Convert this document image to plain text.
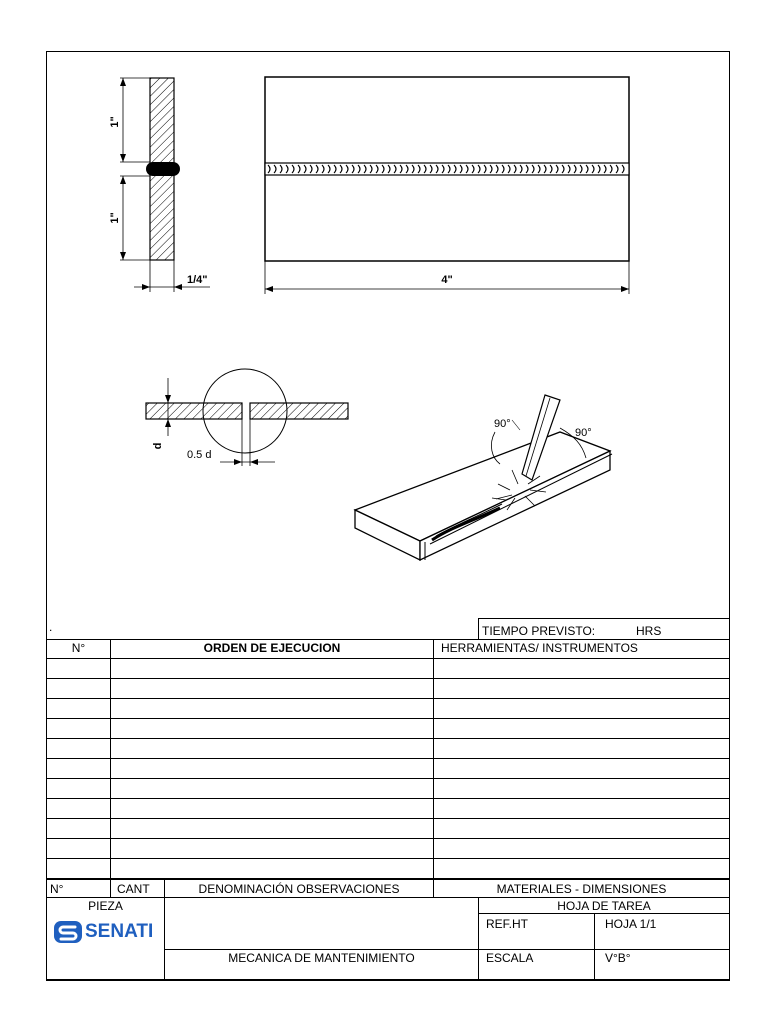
1"
1"
1/4"	4"
d
0.5 d
90°
90°
.	TIEMPO PREVISTO:	HRS
N°	ORDEN DE EJECUCION	HERRAMIENTAS/ INSTRUMENTOS
N°	CANT	DENOMINACIÓN OBSERVACIONES	MATERIALES - DIMENSIONES
PIEZA
SENATI
MECANICA DE MANTENIMIENTO
HOJA DE TAREA
REF.HT	HOJA 1/1
ESCALA	V°B°
